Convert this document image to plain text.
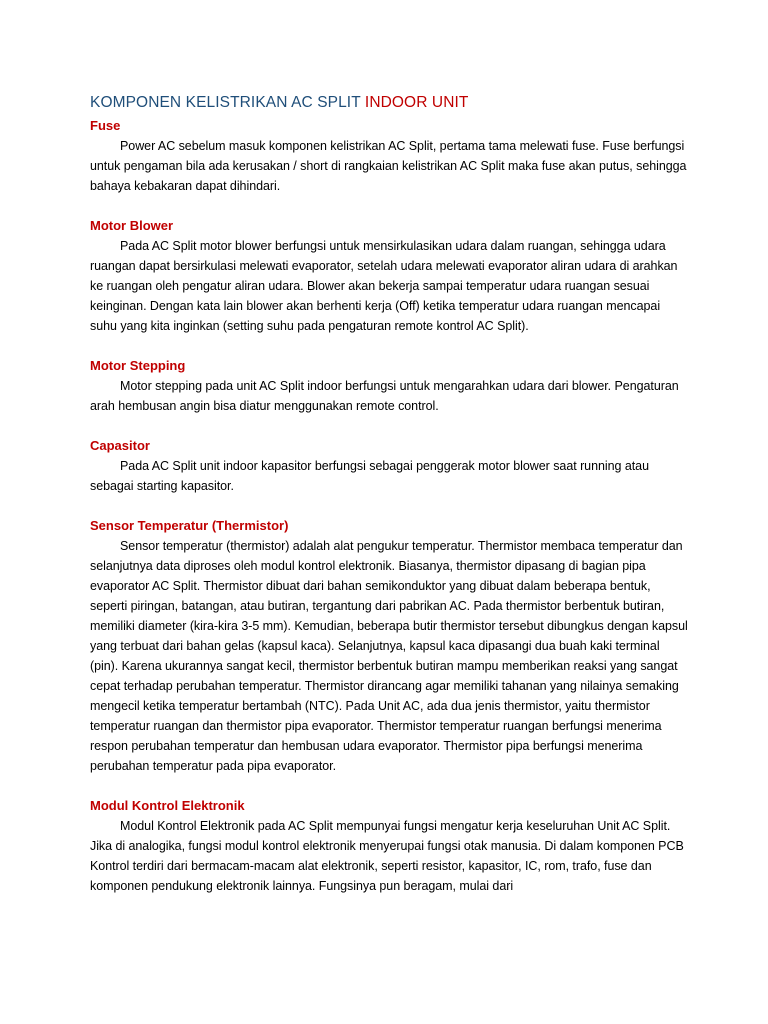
KOMPONEN KELISTRIKAN AC SPLIT INDOOR UNIT

Fuse

Power AC sebelum masuk komponen kelistrikan AC Split, pertama tama melewati fuse. Fuse berfungsi untuk pengaman bila ada kerusakan / short di rangkaian kelistrikan AC Split maka fuse akan putus, sehingga bahaya kebakaran dapat dihindari.

Motor Blower

Pada AC Split motor blower berfungsi untuk mensirkulasikan udara dalam ruangan, sehingga udara ruangan dapat bersirkulasi melewati evaporator, setelah udara melewati evaporator aliran udara di arahkan ke ruangan oleh pengatur aliran udara. Blower akan bekerja sampai temperatur udara ruangan sesuai keinginan. Dengan kata lain blower akan berhenti kerja (Off) ketika temperatur udara ruangan mencapai suhu yang kita inginkan (setting suhu pada pengaturan remote kontrol AC Split).

Motor Stepping

Motor stepping pada unit AC Split indoor berfungsi untuk mengarahkan udara dari blower. Pengaturan arah hembusan angin bisa diatur menggunakan remote control.

Capasitor

Pada AC Split unit indoor kapasitor berfungsi sebagai penggerak motor blower saat running atau sebagai starting kapasitor.

Sensor Temperatur (Thermistor)

Sensor temperatur (thermistor) adalah alat pengukur temperatur. Thermistor membaca temperatur dan selanjutnya data diproses oleh modul kontrol elektronik. Biasanya, thermistor dipasang di bagian pipa evaporator AC Split. Thermistor dibuat dari bahan semikonduktor yang dibuat dalam beberapa bentuk, seperti piringan, batangan, atau butiran, tergantung dari pabrikan AC. Pada thermistor berbentuk butiran, memiliki diameter (kira-kira 3-5 mm). Kemudian, beberapa butir thermistor tersebut dibungkus dengan kapsul yang terbuat dari bahan gelas (kapsul kaca). Selanjutnya, kapsul kaca dipasangi dua buah kaki terminal (pin). Karena ukurannya sangat kecil, thermistor berbentuk butiran mampu memberikan reaksi yang sangat cepat terhadap perubahan temperatur. Thermistor dirancang agar memiliki tahanan yang nilainya semaking mengecil ketika temperatur bertambah (NTC). Pada Unit AC, ada dua jenis thermistor, yaitu thermistor temperatur ruangan dan thermistor pipa evaporator. Thermistor temperatur ruangan berfungsi menerima respon perubahan temperatur dan hembusan udara evaporator. Thermistor pipa berfungsi menerima perubahan temperatur pada pipa evaporator.

Modul Kontrol Elektronik

Modul Kontrol Elektronik pada AC Split mempunyai fungsi mengatur kerja keseluruhan Unit AC Split. Jika di analogika, fungsi modul kontrol elektronik menyerupai fungsi otak manusia. Di dalam komponen PCB Kontrol terdiri dari bermacam-macam alat elektronik, seperti resistor, kapasitor, IC, rom, trafo, fuse dan komponen pendukung elektronik lainnya. Fungsinya pun beragam, mulai dari
